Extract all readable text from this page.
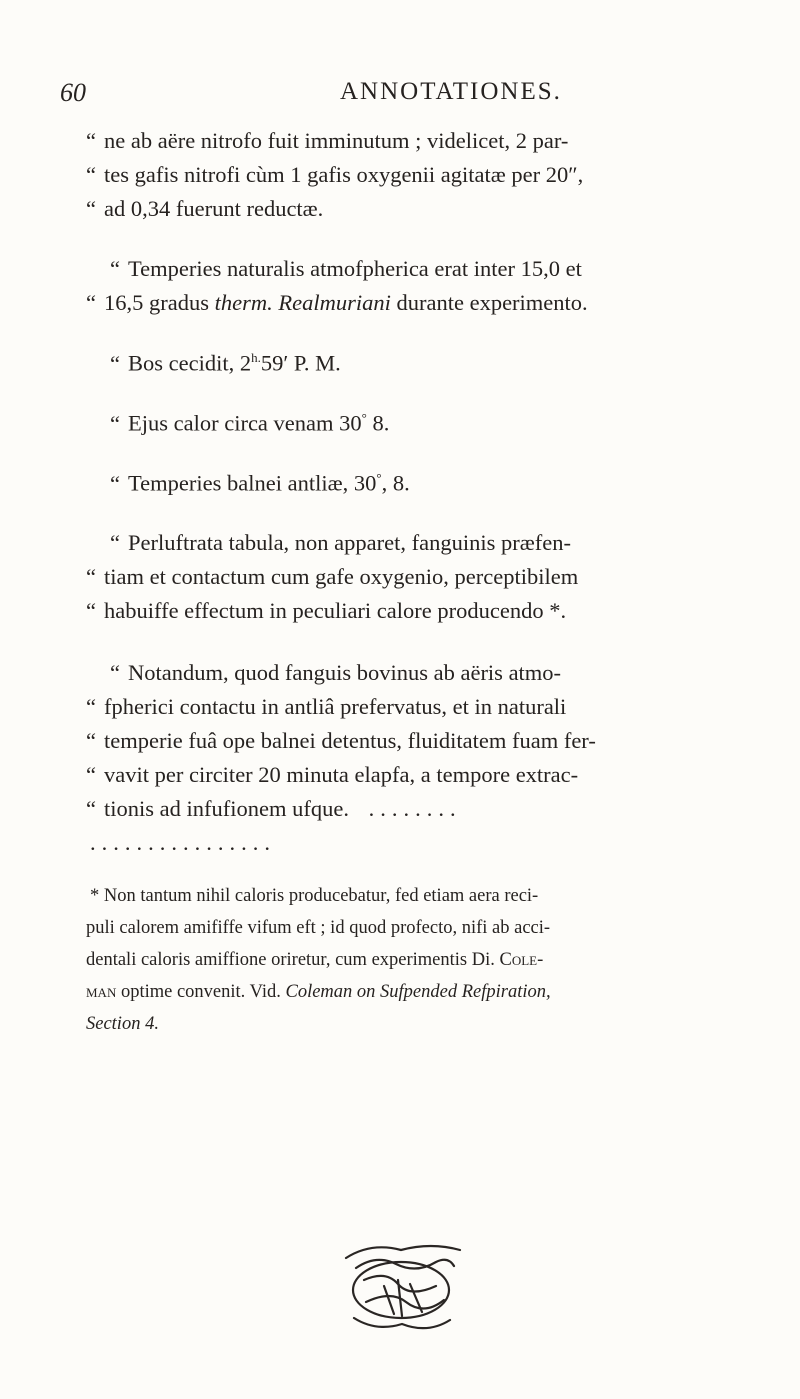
60	ANNOTATIONES.
“ ne ab aëre nitrofo fuit imminutum ; videlicet, 2 par-
“ tes gafis nitrofi cùm 1 gafis oxygenii agitatæ per 20″,
“ ad 0,34 fuerunt reductæ.
“ Temperies naturalis atmofpherica erat inter 15,0 et
“ 16,5 gradus therm. Realmuriani durante experimento.
“ Bos cecidit, $2^{h.}59'$ P. M.
“ Ejus calor circa venam 30° 8.
“ Temperies balnei antliæ, 30°, 8.
“ Perluftrata tabula, non apparet, fanguinis præfen-
“ tiam et contactum cum gafe oxygenio, perceptibilem
“ habuiffe effectum in peculiari calore producendo *.
“ Notandum, quod fanguis bovinus ab aëris atmo-
“ fpherici contactu in antliâ prefervatus, et in naturali
“ temperie fuâ ope balnei detentus, fluiditatem fuam fer-
“ vavit per circiter 20 minuta elapfa, a tempore extrac-
“ tionis ad infufionem ufque. ........
................
* Non tantum nihil caloris producebatur, fed etiam aera reci-
puli calorem amififfe vifum eft ; id quod profecto, nifi ab acci-
dentali caloris amiffione oriretur, cum experimentis Di. Cole-
man optime convenit. Vid. Coleman on Sufpended Refpiration,
Section 4.
